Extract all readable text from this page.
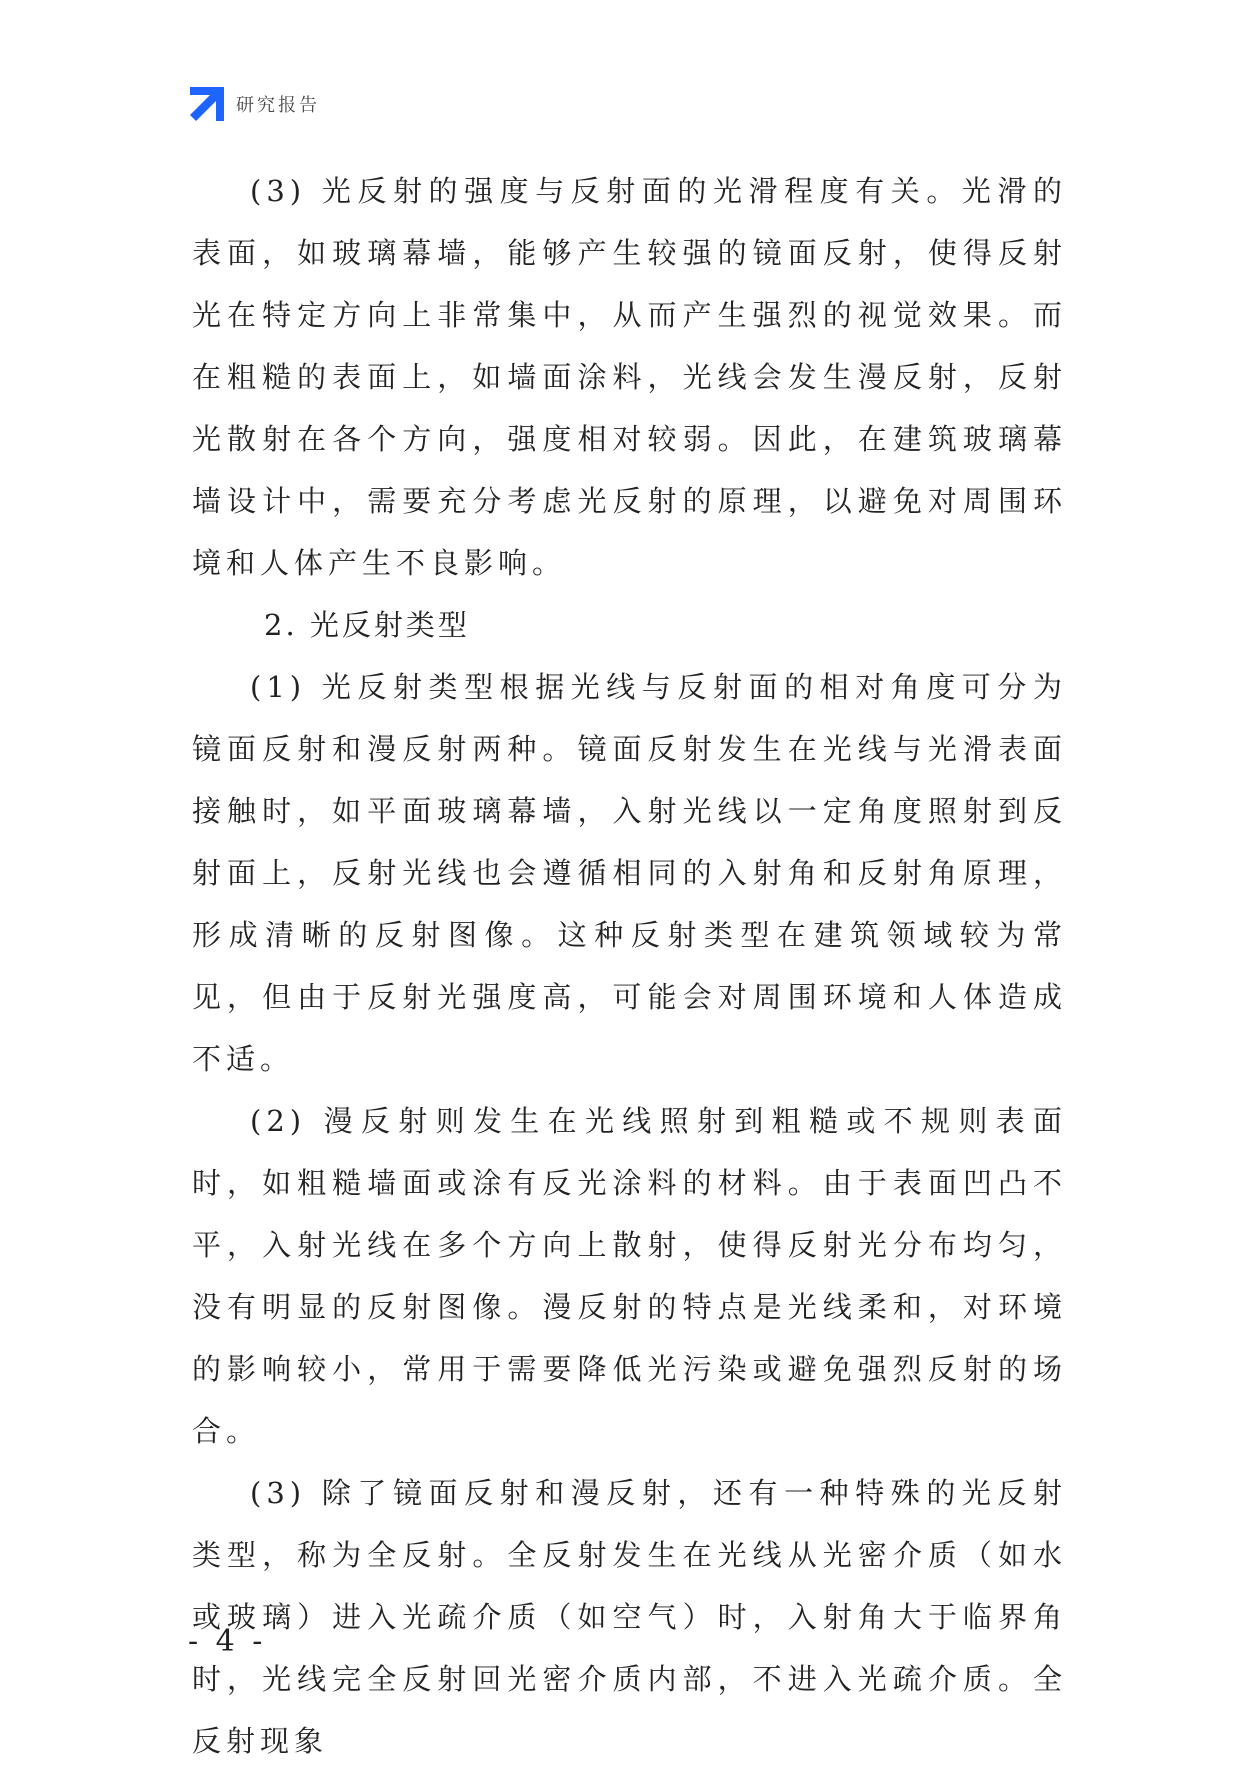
研究报告

(3) 光反射的强度与反射面的光滑程度有关。光滑的表面，如玻璃幕墙，能够产生较强的镜面反射，使得反射光在特定方向上非常集中，从而产生强烈的视觉效果。而在粗糙的表面上，如墙面涂料，光线会发生漫反射，反射光散射在各个方向，强度相对较弱。因此，在建筑玻璃幕墙设计中，需要充分考虑光反射的原理，以避免对周围环境和人体产生不良影响。

2. 光反射类型

(1) 光反射类型根据光线与反射面的相对角度可分为镜面反射和漫反射两种。镜面反射发生在光线与光滑表面接触时，如平面玻璃幕墙，入射光线以一定角度照射到反射面上，反射光线也会遵循相同的入射角和反射角原理，形成清晰的反射图像。这种反射类型在建筑领域较为常见，但由于反射光强度高，可能会对周围环境和人体造成不适。

(2) 漫反射则发生在光线照射到粗糙或不规则表面时，如粗糙墙面或涂有反光涂料的材料。由于表面凹凸不平，入射光线在多个方向上散射，使得反射光分布均匀，没有明显的反射图像。漫反射的特点是光线柔和，对环境的影响较小，常用于需要降低光污染或避免强烈反射的场合。

(3) 除了镜面反射和漫反射，还有一种特殊的光反射类型，称为全反射。全反射发生在光线从光密介质（如水或玻璃）进入光疏介质（如空气）时，入射角大于临界角时，光线完全反射回光密介质内部，不进入光疏介质。全反射现象

- 4 -
